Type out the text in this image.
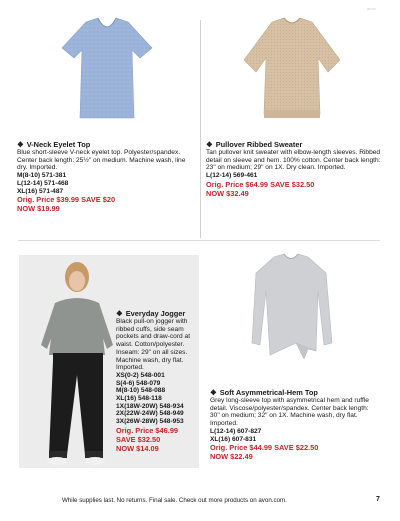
avon
❖ V-Neck Eyelet Top
Blue short-sleeve V-neck eyelet top. Polyester/spandex. Center back length: 25½" on medium. Machine wash, line dry. Imported.
M(8-10) 571-381
L(12-14) 571-468
XL(16) 571-487
Orig. Price $39.99 SAVE $20
NOW $19.99
❖ Pullover Ribbed Sweater
Tan pullover knit sweater with elbow-length sleeves. Ribbed detail on sleeve and hem. 100% cotton. Center back length: 23" on medium; 29" on 1X. Dry clean. Imported.
L(12-14) 569-461
Orig. Price $64.99 SAVE $32.50
NOW $32.49
❖ Everyday Jogger
Black pull-on jogger with ribbed cuffs, side seam pockets and draw-cord at waist. Cotton/polyester. Inseam: 29" on all sizes. Machine wash, dry flat. Imported.
XS(0-2) 548-001
S(4-6) 548-079
M(8-10) 548-088
XL(16) 548-118
1X(18W-20W) 548-934
2X(22W-24W) 548-949
3X(26W-28W) 548-953
Orig. Price $46.99
SAVE $32.50
NOW $14.09
❖ Soft Asymmetrical-Hem Top
Grey long-sleeve top with asymmetrical hem and ruffle detail. Viscose/polyester/spandex. Center back length: 30" on medium; 32" on 1X. Machine wash, dry flat. Imported.
L(12-14) 607-827
XL(16) 607-831
Orig. Price $44.99 SAVE $22.50
NOW $22.49
While supplies last. No returns. Final sale. Check out more products on avon.com.	7
